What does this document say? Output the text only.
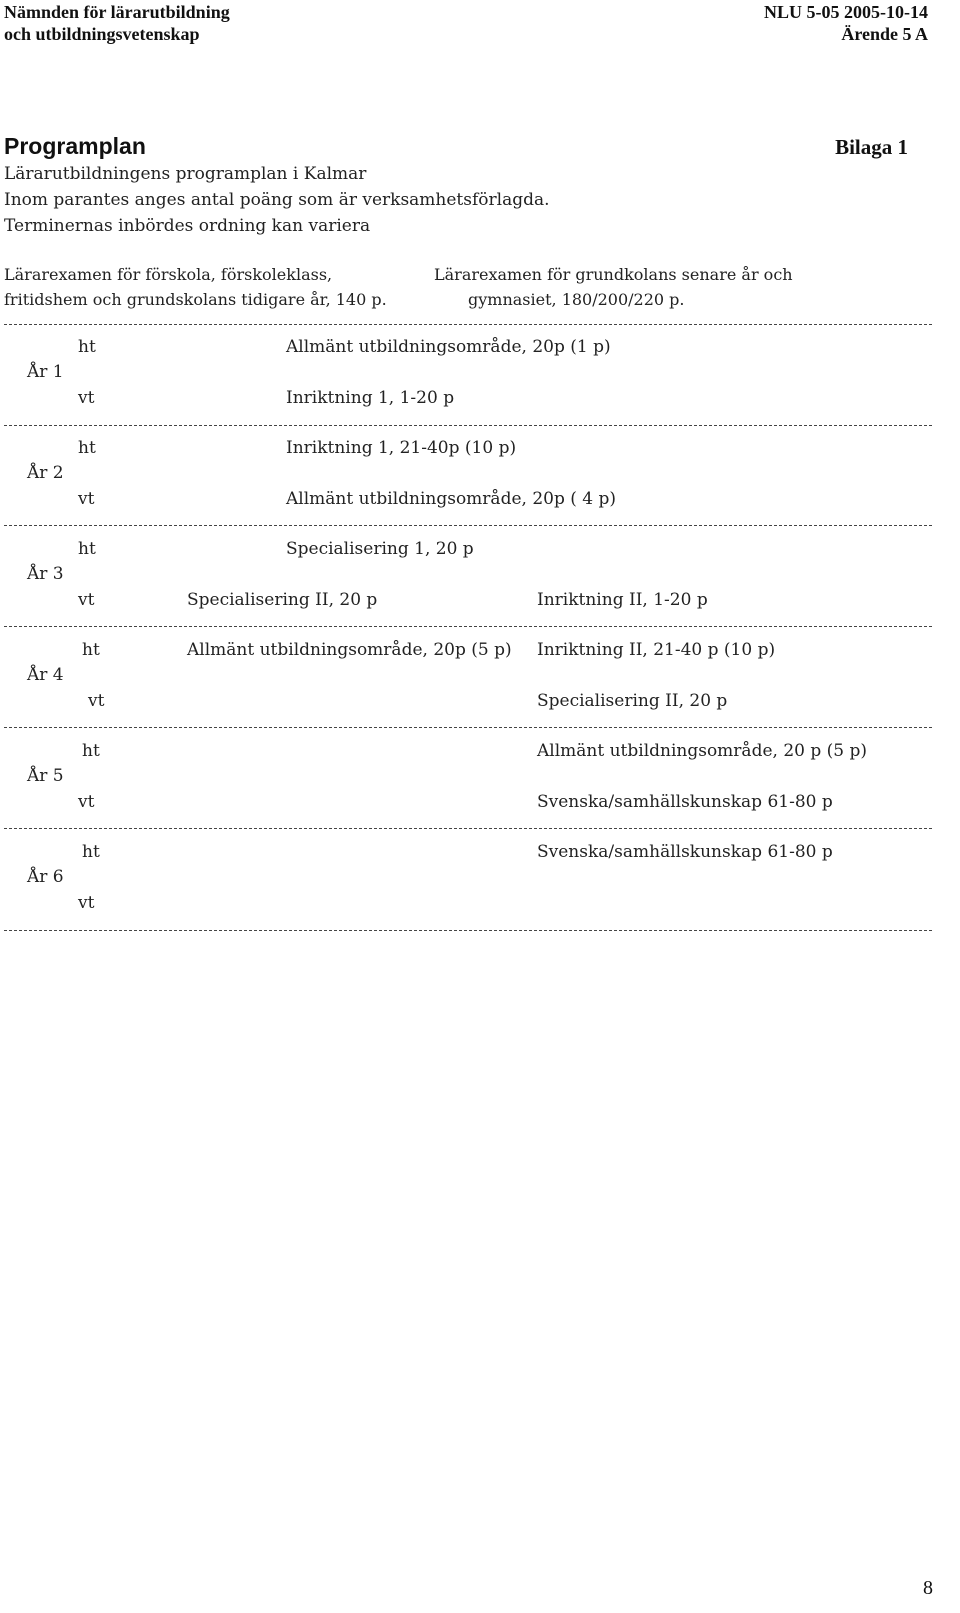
Nämnden för lärarutbildning
och utbildningsvetenskap
NLU 5-05 2005-10-14
Ärende 5 A
Programplan	Bilaga 1
Lärarutbildningens programplan i Kalmar
Inom parantes anges antal poäng som är verksamhetsförlagda.
Terminernas inbördes ordning kan variera
Lärarexamen för förskola, förskoleklass,
fritidshem och grundskolans tidigare år, 140 p.
Lärarexamen för grundkolans senare år och
gymnasiet, 180/200/220 p.
År 1
ht
vt
Allmänt utbildningsområde, 20p (1 p)
Inriktning 1, 1-20 p
År 2
ht
vt
Inriktning 1, 21-40p (10 p)
Allmänt utbildningsområde, 20p ( 4 p)
År 3
ht
vt
Specialisering 1, 20 p
Specialisering II, 20 p	Inriktning II, 1-20 p
År 4
ht
vt
Allmänt utbildningsområde, 20p (5 p) Inriktning II, 21-40 p (10 p)
Specialisering II, 20 p
År 5
ht
vt
Allmänt utbildningsområde, 20 p (5 p)
Svenska/samhällskunskap 61-80 p
År 6
ht
vt
Svenska/samhällskunskap 61-80 p
8
